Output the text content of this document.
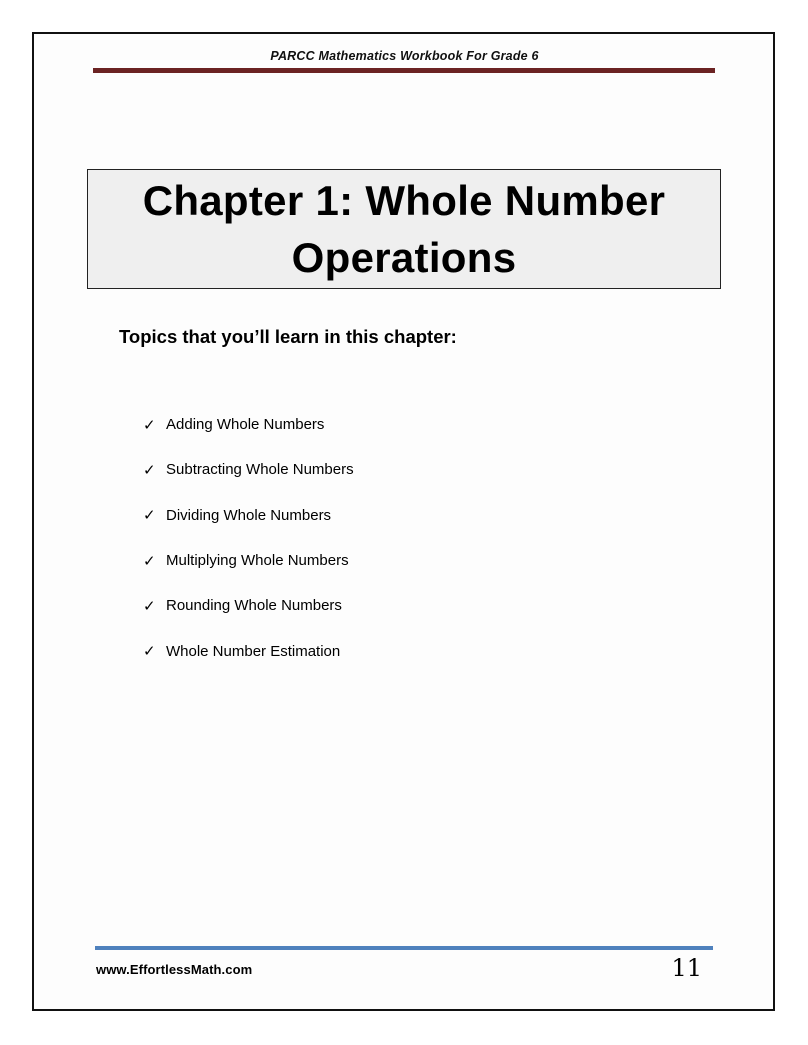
PARCC Mathematics Workbook For Grade 6
Chapter 1: Whole Number
Operations
Topics that you’ll learn in this chapter:
✓ Adding Whole Numbers
✓ Subtracting Whole Numbers
✓ Dividing Whole Numbers
✓ Multiplying Whole Numbers
✓ Rounding Whole Numbers
✓ Whole Number Estimation
www.EffortlessMath.com	11
